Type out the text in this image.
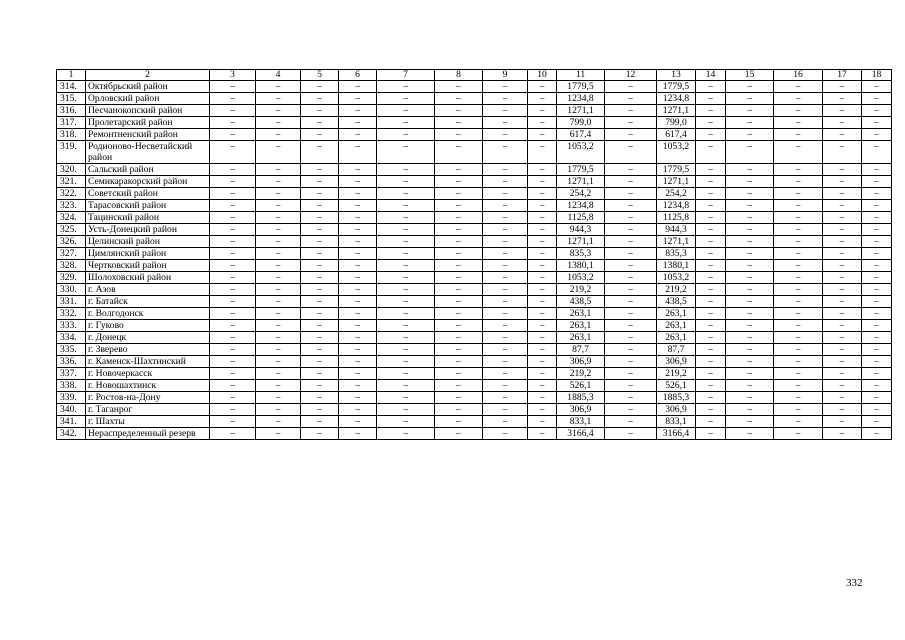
1	2	3	4	5	6	7	8	9	10	11	12	13	14	15	16	17	18
314.	Октябрьский район	–	–	–	–	–	–	–	–	1779,5	–	1779,5	–	–	–	–	–
315.	Орловский район	–	–	–	–	–	–	–	–	1234,8	–	1234,8	–	–	–	–	–
316.	Песчанокопский район	–	–	–	–	–	–	–	–	1271,1	–	1271,1	–	–	–	–	–
317.	Пролетарский район	–	–	–	–	–	–	–	–	799,0	–	799,0	–	–	–	–	–
318.	Ремонтненский район	–	–	–	–	–	–	–	–	617,4	–	617,4	–	–	–	–	–
319.	Родионово-Несветайский район	–	–	–	–	–	–	–	–	1053,2	–	1053,2	–	–	–	–	–
320.	Сальский район	–	–	–	–	–	–	–	–	1779,5	–	1779,5	–	–	–	–	–
321.	Семикаракорский район	–	–	–	–	–	–	–	–	1271,1	–	1271,1	–	–	–	–	–
322.	Советский район	–	–	–	–	–	–	–	–	254,2	–	254,2	–	–	–	–	–
323.	Тарасовский район	–	–	–	–	–	–	–	–	1234,8	–	1234,8	–	–	–	–	–
324.	Тацинский район	–	–	–	–	–	–	–	–	1125,8	–	1125,8	–	–	–	–	–
325.	Усть-Донецкий район	–	–	–	–	–	–	–	–	944,3	–	944,3	–	–	–	–	–
326.	Целинский район	–	–	–	–	–	–	–	–	1271,1	–	1271,1	–	–	–	–	–
327.	Цимлянский район	–	–	–	–	–	–	–	–	835,3	–	835,3	–	–	–	–	–
328.	Чертковский район	–	–	–	–	–	–	–	–	1380,1	–	1380,1	–	–	–	–	–
329.	Шолоховский район	–	–	–	–	–	–	–	–	1053,2	–	1053,2	–	–	–	–	–
330.	г. Азов	–	–	–	–	–	–	–	–	219,2	–	219,2	–	–	–	–	–
331.	г. Батайск	–	–	–	–	–	–	–	–	438,5	–	438,5	–	–	–	–	–
332.	г. Волгодонск	–	–	–	–	–	–	–	–	263,1	–	263,1	–	–	–	–	–
333.	г. Гуково	–	–	–	–	–	–	–	–	263,1	–	263,1	–	–	–	–	–
334.	г. Донецк	–	–	–	–	–	–	–	–	263,1	–	263,1	–	–	–	–	–
335.	г. Зверево	–	–	–	–	–	–	–	–	87,7	–	87,7	–	–	–	–	–
336.	г. Каменск-Шахтинский	–	–	–	–	–	–	–	–	306,9	–	306,9	–	–	–	–	–
337.	г. Новочеркасск	–	–	–	–	–	–	–	–	219,2	–	219,2	–	–	–	–	–
338.	г. Новошахтинск	–	–	–	–	–	–	–	–	526,1	–	526,1	–	–	–	–	–
339.	г. Ростов-на-Дону	–	–	–	–	–	–	–	–	1885,3	–	1885,3	–	–	–	–	–
340.	г. Таганрог	–	–	–	–	–	–	–	–	306,9	–	306,9	–	–	–	–	–
341.	г. Шахты	–	–	–	–	–	–	–	–	833,1	–	833,1	–	–	–	–	–
342.	Нераспределенный резерв	–	–	–	–	–	–	–	–	3166,4	–	3166,4	–	–	–	–	–
332
